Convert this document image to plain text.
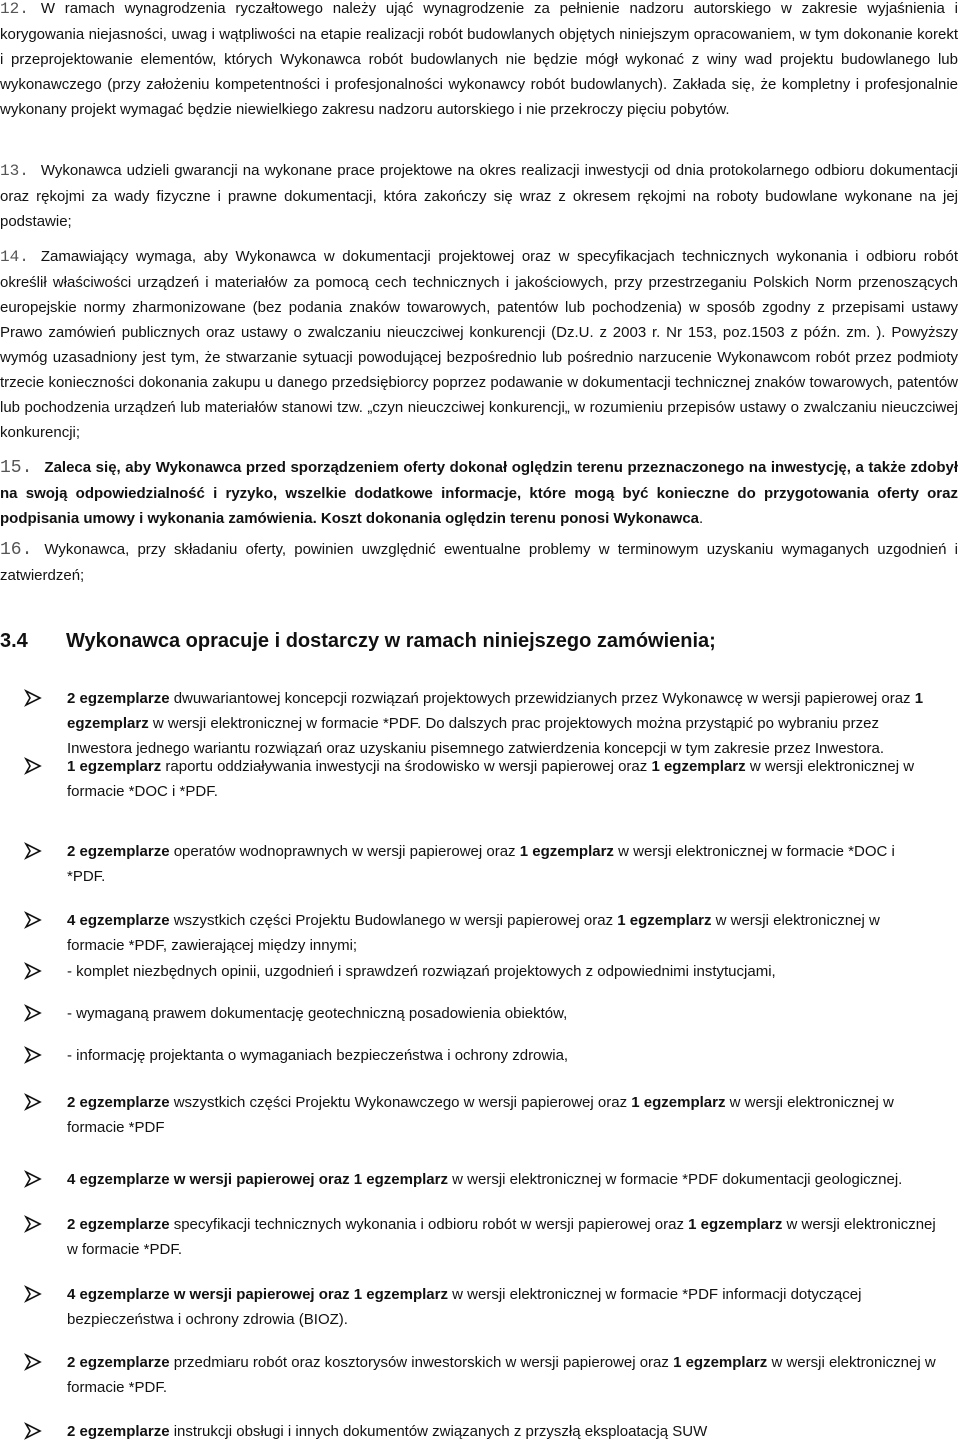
12. W ramach wynagrodzenia ryczałtowego należy ująć wynagrodzenie za pełnienie nadzoru autorskiego w zakresie wyjaśnienia i korygowania niejasności, uwag i wątpliwości na etapie realizacji robót budowlanych objętych niniejszym opracowaniem, w tym dokonanie korekt i przeprojektowanie elementów, których Wykonawca robót budowlanych nie będzie mógł wykonać z winy wad projektu budowlanego lub wykonawczego (przy założeniu kompetentności i profesjonalności wykonawcy robót budowlanych). Zakłada się, że kompletny i profesjonalnie wykonany projekt wymagać będzie niewielkiego zakresu nadzoru autorskiego i nie przekroczy pięciu pobytów.

13. Wykonawca udzieli gwarancji na wykonane prace projektowe na okres realizacji inwestycji od dnia protokolarnego odbioru dokumentacji oraz rękojmi za wady fizyczne i prawne dokumentacji, która zakończy się wraz z okresem rękojmi na roboty budowlane wykonane na jej podstawie;

14. Zamawiający wymaga, aby Wykonawca w dokumentacji projektowej oraz w specyfikacjach technicznych wykonania i odbioru robót określił właściwości urządzeń i materiałów za pomocą cech technicznych i jakościowych, przy przestrzeganiu Polskich Norm przenoszących europejskie normy zharmonizowane (bez podania znaków towarowych, patentów lub pochodzenia) w sposób zgodny z przepisami ustawy Prawo zamówień publicznych oraz ustawy o zwalczaniu nieuczciwej konkurencji (Dz.U. z 2003 r. Nr 153, poz.1503 z późn. zm. ). Powyższy wymóg uzasadniony jest tym, że stwarzanie sytuacji powodującej bezpośrednio lub pośrednio narzucenie Wykonawcom robót przez podmioty trzecie konieczności dokonania zakupu u danego przedsiębiorcy poprzez podawanie w dokumentacji technicznej znaków towarowych, patentów lub pochodzenia urządzeń lub materiałów stanowi tzw. „czyn nieuczciwej konkurencji„ w rozumieniu przepisów ustawy o zwalczaniu nieuczciwej konkurencji;

15. Zaleca się, aby Wykonawca przed sporządzeniem oferty dokonał oględzin terenu przeznaczonego na inwestycję, a także zdobył na swoją odpowiedzialność i ryzyko, wszelkie dodatkowe informacje, które mogą być konieczne do przygotowania oferty oraz podpisania umowy i wykonania zamówienia. Koszt dokonania oględzin terenu ponosi Wykonawca.

16. Wykonawca, przy składaniu oferty, powinien uwzględnić ewentualne problemy w terminowym uzyskaniu wymaganych uzgodnień i zatwierdzeń;

3.4 Wykonawca opracuje i dostarczy w ramach niniejszego zamówienia;
2 egzemplarze dwuwariantowej koncepcji rozwiązań projektowych przewidzianych przez Wykonawcę w wersji papierowej oraz 1 egzemplarz w wersji elektronicznej w formacie *PDF. Do dalszych prac projektowych można przystąpić po wybraniu przez Inwestora jednego wariantu rozwiązań oraz uzyskaniu pisemnego zatwierdzenia koncepcji w tym zakresie przez Inwestora.
1 egzemplarz raportu oddziaływania inwestycji na środowisko w wersji papierowej oraz 1 egzemplarz w wersji elektronicznej w formacie *DOC i *PDF.
2 egzemplarze operatów wodnoprawnych w wersji papierowej oraz 1 egzemplarz w wersji elektronicznej w formacie *DOC i *PDF.
4 egzemplarze wszystkich części Projektu Budowlanego w wersji papierowej oraz 1 egzemplarz w wersji elektronicznej w formacie *PDF, zawierającej między innymi;
- komplet niezbędnych opinii, uzgodnień i sprawdzeń rozwiązań projektowych z odpowiednimi instytucjami,
- wymaganą prawem dokumentację geotechniczną posadowienia obiektów,
- informację projektanta o wymaganiach bezpieczeństwa i ochrony zdrowia,
2 egzemplarze wszystkich części Projektu Wykonawczego w wersji papierowej oraz 1 egzemplarz w wersji elektronicznej w formacie *PDF
4 egzemplarze w wersji papierowej oraz 1 egzemplarz w wersji elektronicznej w formacie *PDF dokumentacji geologicznej.
2 egzemplarze specyfikacji technicznych wykonania i odbioru robót w wersji papierowej oraz 1 egzemplarz w wersji elektronicznej w formacie *PDF.
4 egzemplarze w wersji papierowej oraz 1 egzemplarz w wersji elektronicznej w formacie *PDF informacji dotyczącej bezpieczeństwa i ochrony zdrowia (BIOZ).
2 egzemplarze przedmiaru robót oraz kosztorysów inwestorskich w wersji papierowej oraz 1 egzemplarz w wersji elektronicznej w formacie *PDF.
2 egzemplarze instrukcji obsługi i innych dokumentów związanych z przyszłą eksploatacją SUW
